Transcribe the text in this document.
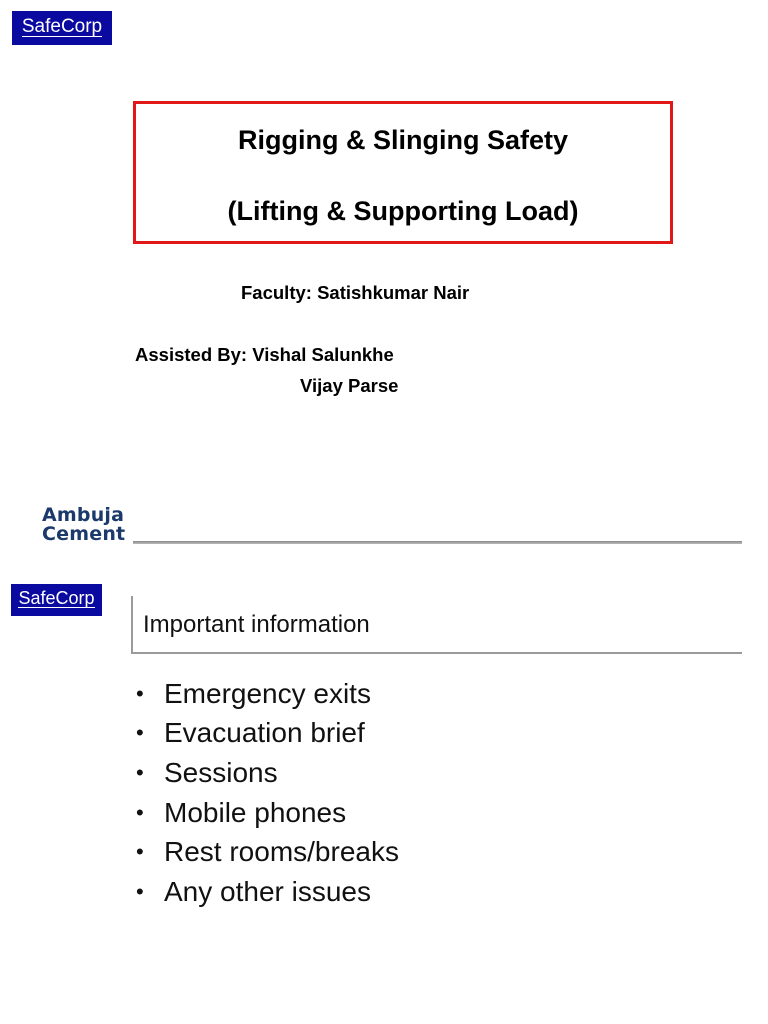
SafeCorp
Rigging & Slinging Safety
(Lifting & Supporting Load)
Faculty: Satishkumar Nair
Assisted By: Vishal Salunkhe
Vijay Parse
Ambuja
Cement
SafeCorp
Important information
• Emergency exits
• Evacuation brief
• Sessions
• Mobile phones
• Rest rooms/breaks
• Any other issues
